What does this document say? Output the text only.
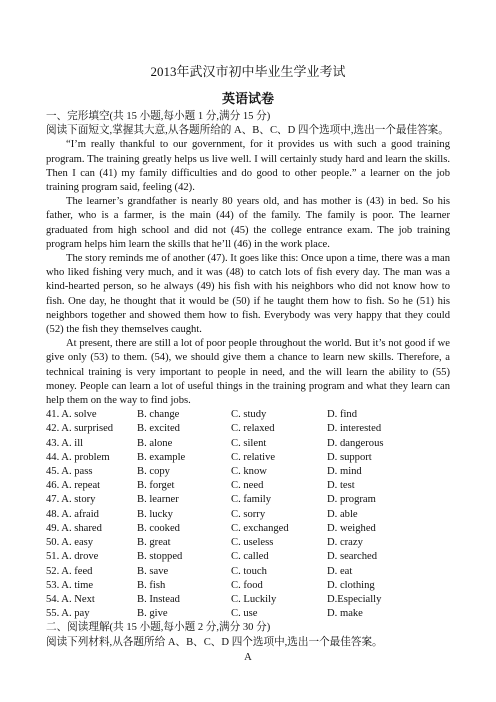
2013年武汉市初中毕业生学业考试
英语试卷

一、完形填空(共 15 小题,每小题 1 分,满分 15 分)

阅读下面短文,掌握其大意,从各题所给的 A、B、C、D 四个选项中,选出一个最佳答案。

“I’m really thankful to our government, for it provides us with such a good training program. The training greatly helps us live well. I will certainly study hard and learn the skills. Then I can (41) my family difficulties and do good to other people.” a learner on the job training program said, feeling (42).

The learner’s grandfather is nearly 80 years old, and has mother is (43) in bed. So his father, who is a farmer, is the main (44) of the family. The family is poor. The learner graduated from high school and did not (45) the college entrance exam. The job training program helps him learn the skills that he’ll (46) in the work place.

The story reminds me of another (47). It goes like this: Once upon a time, there was a man who liked fishing very much, and it was (48) to catch lots of fish every day. The man was a kind-hearted person, so he always (49) his fish with his neighbors who did not know how to fish. One day, he thought that it would be (50) if he taught them how to fish. So he (51) his neighbors together and showed them how to fish. Everybody was very happy that they could (52) the fish they themselves caught.

At present, there are still a lot of poor people throughout the world. But it’s not good if we give only (53) to them. (54), we should give them a chance to learn new skills. Therefore, a technical training is very important to people in need, and the will learn the ability to (55) money. People can learn a lot of useful things in the training program and what they learn can help them on the way to find jobs.

41. A. solve	B. change	C. study	D. find
42. A. surprised	B. excited	C. relaxed	D. interested
43. A. ill	B. alone	C. silent	D. dangerous
44. A. problem	B. example	C. relative	D. support
45. A. pass	B. copy	C. know	D. mind
46. A. repeat	B. forget	C. need	D. test
47. A. story	B. learner	C. family	D. program
48. A. afraid	B. lucky	C. sorry	D. able
49. A. shared	B. cooked	C. exchanged	D. weighed
50. A. easy	B. great	C. useless	D. crazy
51. A. drove	B. stopped	C. called	D. searched
52. A. feed	B. save	C. touch	D. eat
53. A. time	B. fish	C. food	D. clothing
54. A. Next	B. Instead	C. Luckily	D.Especially
55. A. pay	B. give	C. use	D. make

二、阅读理解(共 15 小题,每小题 2 分,满分 30 分)

阅读下列材料,从各题所给 A、B、C、D 四个选项中,选出一个最佳答案。

A
